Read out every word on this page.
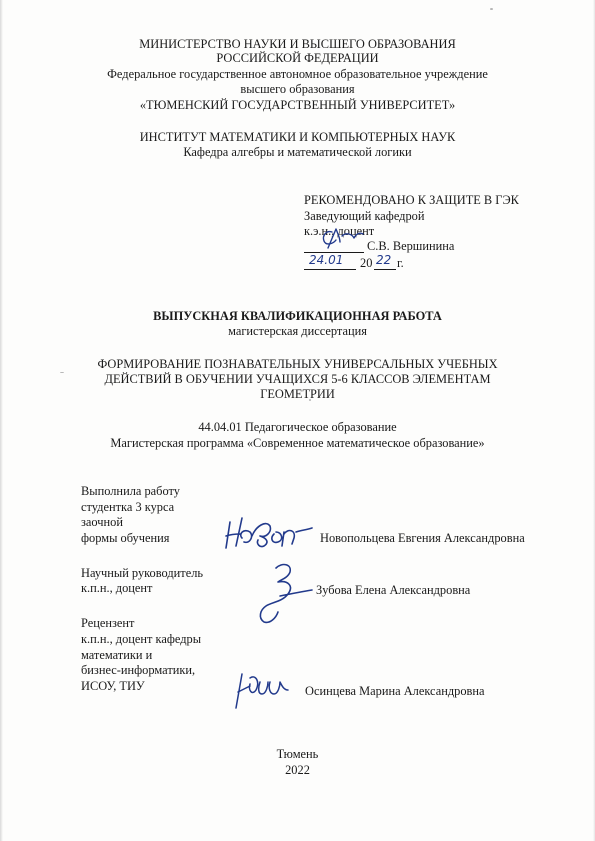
МИНИСТЕРСТВО НАУКИ И ВЫСШЕГО ОБРАЗОВАНИЯ
РОССИЙСКОЙ ФЕДЕРАЦИИ
Федеральное государственное автономное образовательное учреждение
высшего образования
«ТЮМЕНСКИЙ ГОСУДАРСТВЕННЫЙ УНИВЕРСИТЕТ»
ИНСТИТУТ МАТЕМАТИКИ И КОМПЬЮТЕРНЫХ НАУК
Кафедра алгебры и математической логики
РЕКОМЕНДОВАНО К ЗАЩИТЕ В ГЭК
Заведующий кафедрой
к.э.н., доцент
С.В. Вершинина
24.01 20 22 г.
ВЫПУСКНАЯ КВАЛИФИКАЦИОННАЯ РАБОТА
магистерская диссертация
ФОРМИРОВАНИЕ ПОЗНАВАТЕЛЬНЫХ УНИВЕРСАЛЬНЫХ УЧЕБНЫХ
ДЕЙСТВИЙ В ОБУЧЕНИИ УЧАЩИХСЯ 5-6 КЛАССОВ ЭЛЕМЕНТАМ
ГЕОМЕТРИИ
44.04.01 Педагогическое образование
Магистерская программа «Современное математическое образование»
Выполнила работу
студентка 3 курса
заочной
формы обучения	Новопольцева Евгения Александровна
Научный руководитель
к.п.н., доцент	Зубова Елена Александровна
Рецензент
к.п.н., доцент кафедры
математики и
бизнес-информатики,
ИСОУ, ТИУ	Осинцева Марина Александровна
Тюмень
2022
